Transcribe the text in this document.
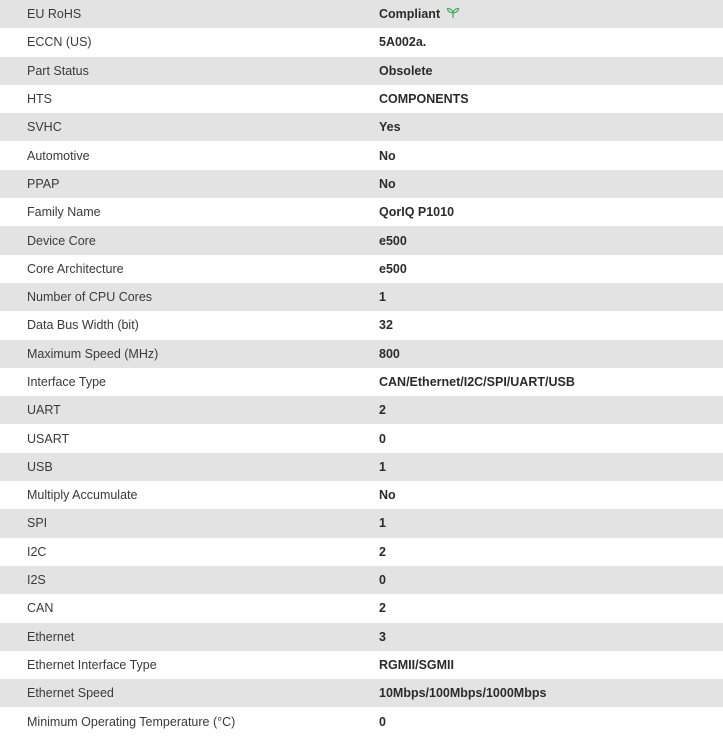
EU RoHS	Compliant
ECCN (US)	5A002a.
Part Status	Obsolete
HTS	COMPONENTS
SVHC	Yes
Automotive	No
PPAP	No
Family Name	QorIQ P1010
Device Core	e500
Core Architecture	e500
Number of CPU Cores	1
Data Bus Width (bit)	32
Maximum Speed (MHz)	800
Interface Type	CAN/Ethernet/I2C/SPI/UART/USB
UART	2
USART	0
USB	1
Multiply Accumulate	No
SPI	1
I2C	2
I2S	0
CAN	2
Ethernet	3
Ethernet Interface Type	RGMII/SGMII
Ethernet Speed	10Mbps/100Mbps/1000Mbps
Minimum Operating Temperature (°C)	0
